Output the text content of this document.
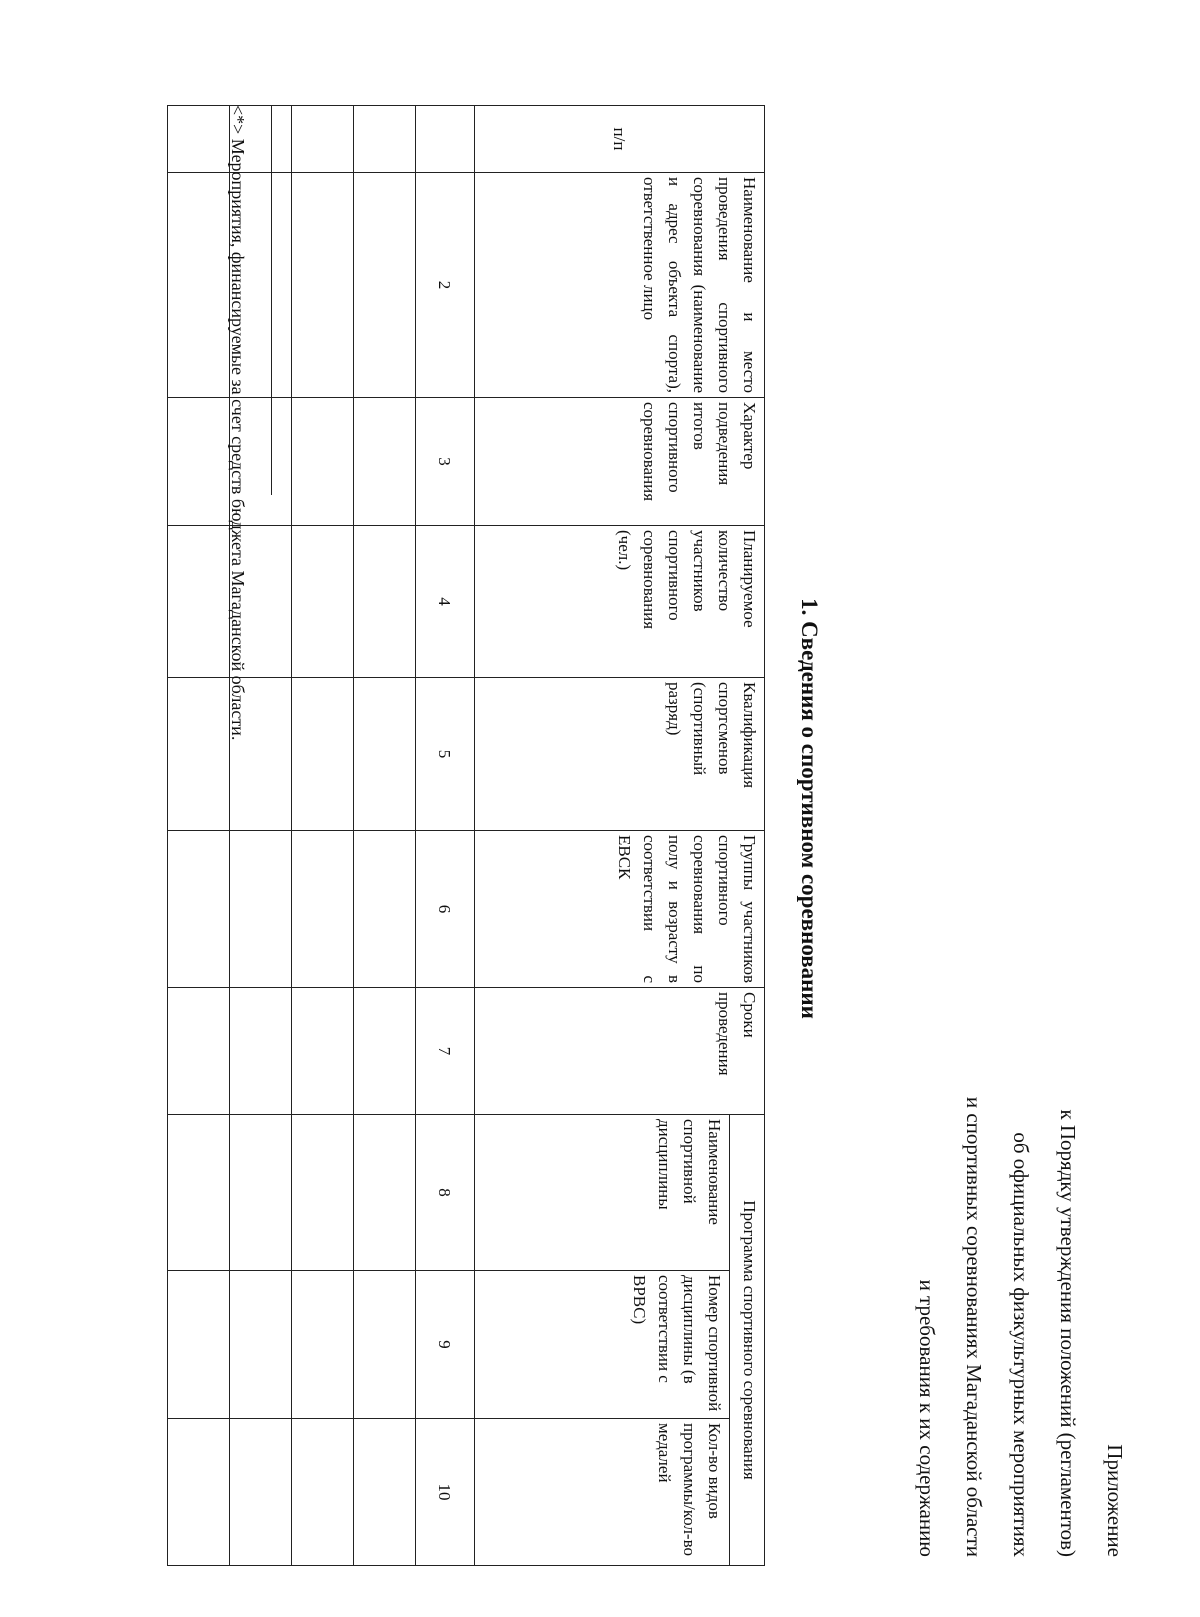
Приложение
к Порядку утверждения положений (регламентов)
об официальных физкультурных мероприятиях
и спортивных соревнованиях Магаданской области
и требования к их содержанию
1. Сведения о спортивном соревновании
п/п	Наименование и место проведения спортивного соревнования (наименование и адрес объекта спорта), ответственное лицо	Характер подведения итогов спортивного соревнования	Планируемое количество участников спортивного соревнования (чел.)	Квалификация спортсменов (спортивный разряд)	Группы участников спортивного соревнования по полу и возрасту в соответствии с ЕВСК	Сроки проведения	Программа спортивного соревнования		
							Наименование спортивной дисциплины	Номер спортивной дисциплины (в соответствии с ВРВС)	Кол-во видов программы/кол-во медалей
	2	3	4	5	6	7	8	9	10

<*> Мероприятия, финансируемые за счет средств бюджета Магаданской области.
